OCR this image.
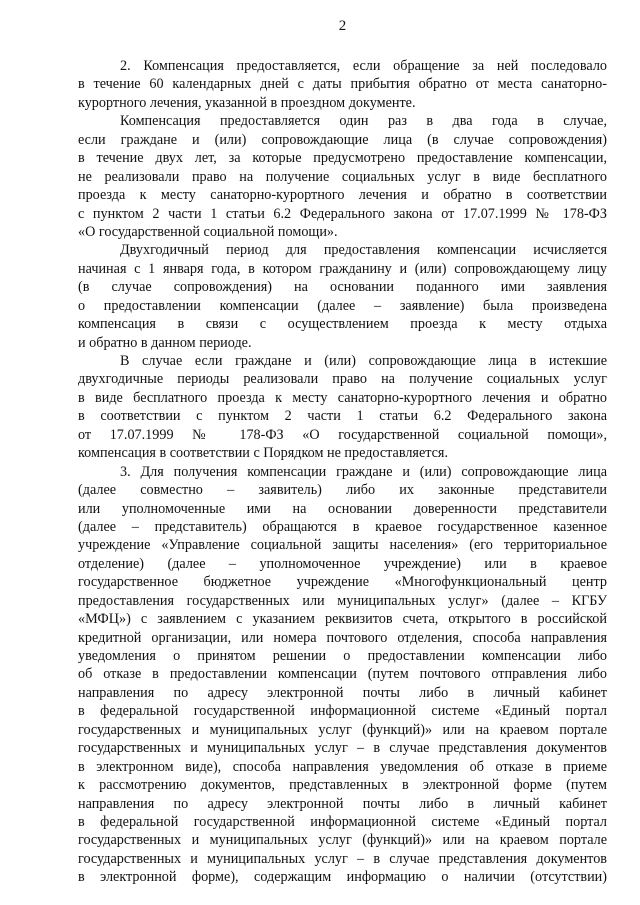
2
2. Компенсация предоставляется, если обращение за ней последовало
в течение 60 календарных дней с даты прибытия обратно от места санаторно-
курортного лечения, указанной в проездном документе.
Компенсация предоставляется один раз в два года в случае,
если граждане и (или) сопровождающие лица (в случае сопровождения)
в течение двух лет, за которые предусмотрено предоставление компенсации,
не реализовали право на получение социальных услуг в виде бесплатного
проезда к месту санаторно-курортного лечения и обратно в соответствии
с пунктом 2 части 1 статьи 6.2 Федерального закона от 17.07.1999 № 178-ФЗ
«О государственной социальной помощи».
Двухгодичный период для предоставления компенсации исчисляется
начиная с 1 января года, в котором гражданину и (или) сопровождающему лицу
(в случае сопровождения) на основании поданного ими заявления
о предоставлении компенсации (далее – заявление) была произведена
компенсация в связи с осуществлением проезда к месту отдыха
и обратно в данном периоде.
В случае если граждане и (или) сопровождающие лица в истекшие
двухгодичные периоды реализовали право на получение социальных услуг
в виде бесплатного проезда к месту санаторно-курортного лечения и обратно
в соответствии с пунктом 2 части 1 статьи 6.2 Федерального закона
от 17.07.1999 № 178-ФЗ «О государственной социальной помощи»,
компенсация в соответствии с Порядком не предоставляется.
3. Для получения компенсации граждане и (или) сопровождающие лица
(далее совместно – заявитель) либо их законные представители
или уполномоченные ими на основании доверенности представители
(далее – представитель) обращаются в краевое государственное казенное
учреждение «Управление социальной защиты населения» (его территориальное
отделение) (далее – уполномоченное учреждение) или в краевое
государственное бюджетное учреждение «Многофункциональный центр
предоставления государственных или муниципальных услуг» (далее – КГБУ
«МФЦ») с заявлением с указанием реквизитов счета, открытого в российской
кредитной организации, или номера почтового отделения, способа направления
уведомления о принятом решении о предоставлении компенсации либо
об отказе в предоставлении компенсации (путем почтового отправления либо
направления по адресу электронной почты либо в личный кабинет
в федеральной государственной информационной системе «Единый портал
государственных и муниципальных услуг (функций)» или на краевом портале
государственных и муниципальных услуг – в случае представления документов
в электронном виде), способа направления уведомления об отказе в приеме
к рассмотрению документов, представленных в электронной форме (путем
направления по адресу электронной почты либо в личный кабинет
в федеральной государственной информационной системе «Единый портал
государственных и муниципальных услуг (функций)» или на краевом портале
государственных и муниципальных услуг – в случае представления документов
в электронной форме), содержащим информацию о наличии (отсутствии)
